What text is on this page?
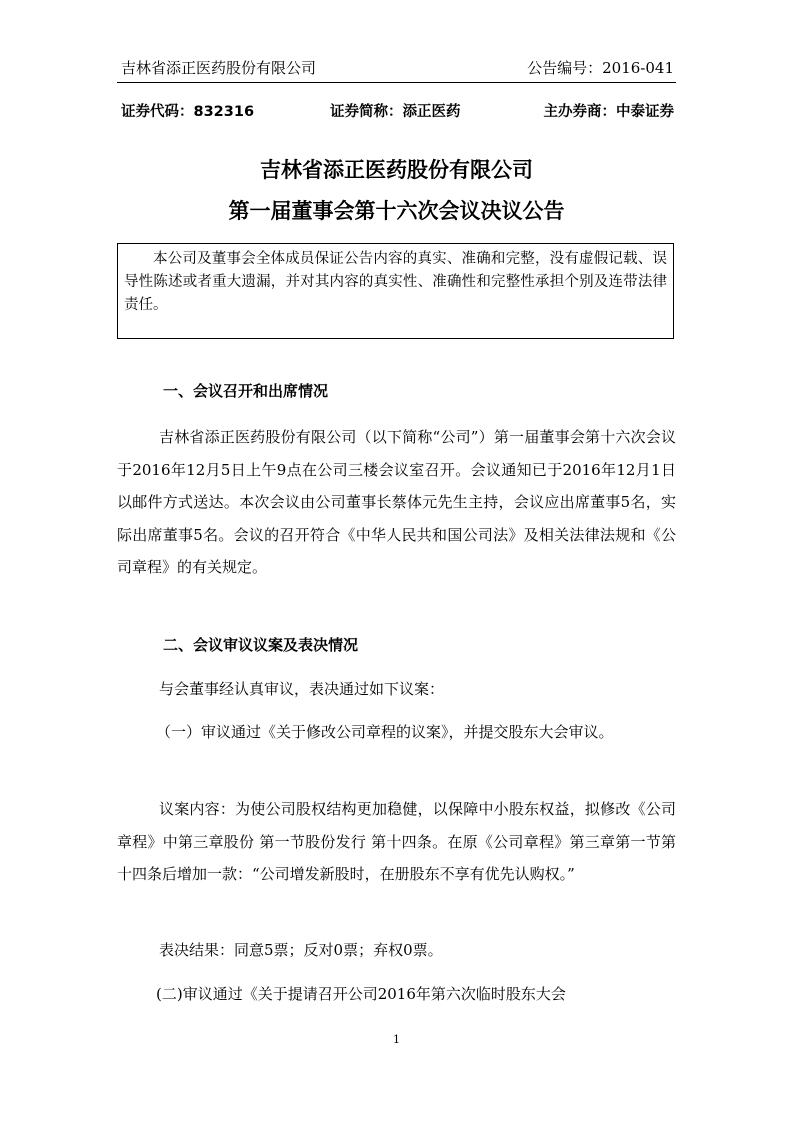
吉林省添正医药股份有限公司	公告编号：2016-041
证券代码：832316	证券简称：添正医药	主办券商：中泰证券
吉林省添正医药股份有限公司
第一届董事会第十六次会议决议公告
本公司及董事会全体成员保证公告内容的真实、准确和完整，没有虚假记载、误导性陈述或者重大遗漏，并对其内容的真实性、准确性和完整性承担个别及连带法律责任。
一、会议召开和出席情况
吉林省添正医药股份有限公司（以下简称“公司”）第一届董事会第十六次会议于2016年12月5日上午9点在公司三楼会议室召开。会议通知已于2016年12月1日以邮件方式送达。本次会议由公司董事长蔡体元先生主持，会议应出席董事5名，实际出席董事5名。会议的召开符合《中华人民共和国公司法》及相关法律法规和《公司章程》的有关规定。
二、会议审议议案及表决情况
与会董事经认真审议，表决通过如下议案：
（一）审议通过《关于修改公司章程的议案》，并提交股东大会审议。
议案内容：为使公司股权结构更加稳健，以保障中小股东权益，拟修改《公司章程》中第三章股份 第一节股份发行 第十四条。在原《公司章程》第三章第一节第十四条后增加一款：“公司增发新股时，在册股东不享有优先认购权。”
表决结果：同意5票；反对0票；弃权0票。
(二)审议通过《关于提请召开公司2016年第六次临时股东大会
1
